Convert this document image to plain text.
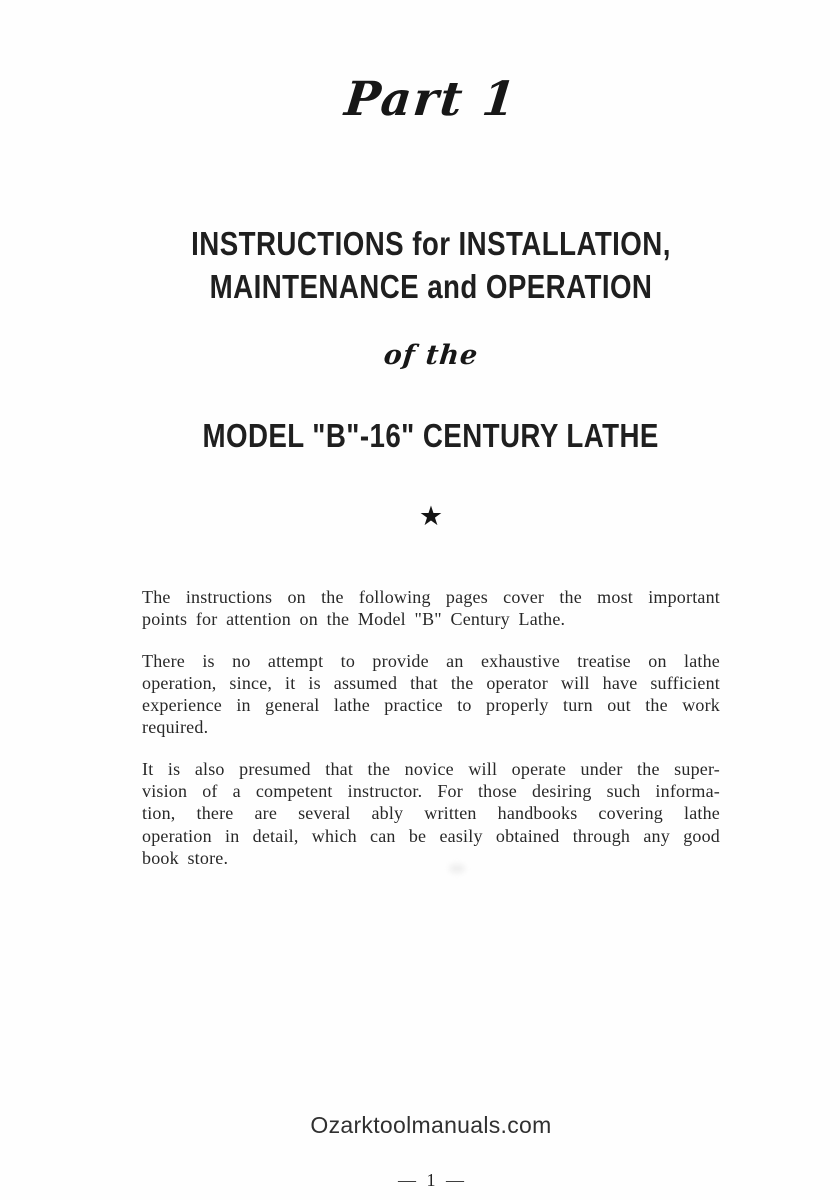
Part 1
INSTRUCTIONS for INSTALLATION,
MAINTENANCE and OPERATION
of the
MODEL "B"-16" CENTURY LATHE
★

The instructions on the following pages cover the most important
points for attention on the Model "B" Century Lathe.

There is no attempt to provide an exhaustive treatise on lathe
operation, since, it is assumed that the operator will have sufficient
experience in general lathe practice to properly turn out the work
required.

It is also presumed that the novice will operate under the super-
vision of a competent instructor. For those desiring such informa-
tion, there are several ably written handbooks covering lathe
operation in detail, which can be easily obtained through any good
book store.

Ozarktoolmanuals.com
— 1 —
